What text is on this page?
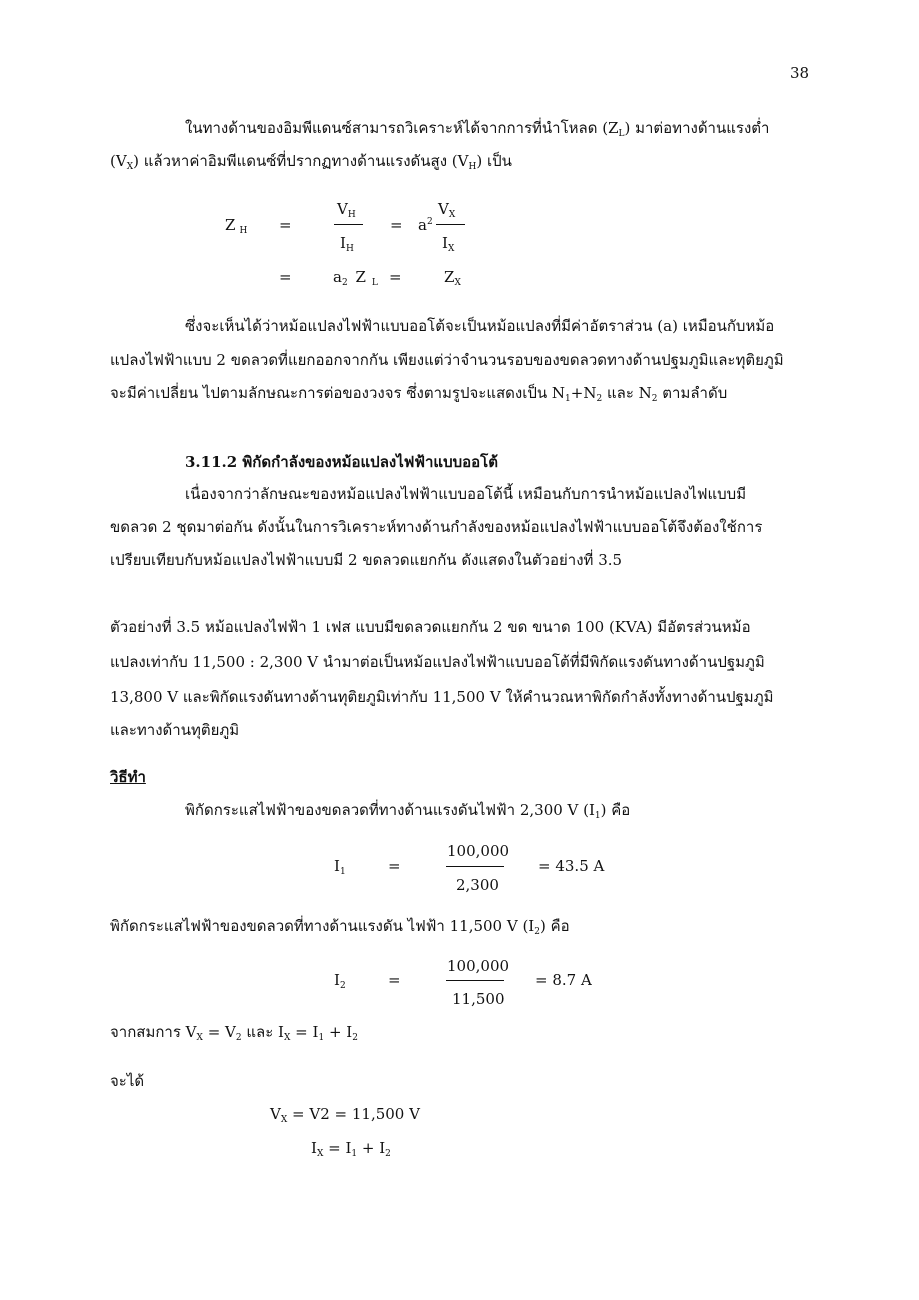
38
ในทางด้านของอิมพีแดนซ์สามารถวิเคราะห์ได้จากการที่นำโหลด $(Z_L)$ มาต่อทางด้านแรงต่ำ
$(V_X)$ แล้วหาค่าอิมพีแดนซ์ที่ปรากฏทางด้านแรงดันสูง $(V_H)$ เป็น
Z $_H$ =
$V_H$
$I_H$
= $a^2$
$V_X$
$I_X$
=	$a_2$ Z $_L$ =	$Z_X$
ซึ่งจะเห็นได้ว่าหม้อแปลงไฟฟ้าแบบออโต้จะเป็นหม้อแปลงที่มีค่าอัตราส่วน (a) เหมือนกับหม้อ
แปลงไฟฟ้าแบบ 2 ขดลวดที่แยกออกจากกัน เพียงแต่ว่าจำนวนรอบของขดลวดทางด้านปฐมภูมิและทุติยภูมิ
จะมีค่าเปลี่ยน ไปตามลักษณะการต่อของวงจร ซึ่งตามรูปจะแสดงเป็น $N_1+N_2$ และ $N_2$ ตามลำดับ
3.11.2 พิกัดกำลังของหม้อแปลงไฟฟ้าแบบออโต้
เนื่องจากว่าลักษณะของหม้อแปลงไฟฟ้าแบบออโต้นี้ เหมือนกับการนำหม้อแปลงไฟแบบมี
ขดลวด 2 ชุดมาต่อกัน ดังนั้นในการวิเคราะห์ทางด้านกำลังของหม้อแปลงไฟฟ้าแบบออโต้จึงต้องใช้การ
เปรียบเทียบกับหม้อแปลงไฟฟ้าแบบมี 2 ขดลวดแยกกัน ดังแสดงในตัวอย่างที่ 3.5
ตัวอย่างที่ 3.5 หม้อแปลงไฟฟ้า 1 เฟส แบบมีขดลวดแยกกัน 2 ขด ขนาด 100 (KVA) มีอัตรส่วนหม้อ
แปลงเท่ากับ 11,500 : 2,300 V นำมาต่อเป็นหม้อแปลงไฟฟ้าแบบออโต้ที่มีพิกัดแรงดันทางด้านปฐมภูมิ
13,800 V และพิกัดแรงดันทางด้านทุติยภูมิเท่ากับ 11,500 V ให้คำนวณหาพิกัดกำลังทั้งทางด้านปฐมภูมิ
และทางด้านทุติยภูมิ
วิธีทำ
พิกัดกระแสไฟฟ้าของขดลวดที่ทางด้านแรงดันไฟฟ้า 2,300 V $(I_1)$ คือ
$I_1$	=
100,000
2,300
= 43.5 A
พิกัดกระแสไฟฟ้าของขดลวดที่ทางด้านแรงดัน ไฟฟ้า 11,500 V $(I_2)$ คือ
$I_2$	=
100,000
11,500
= 8.7 A
จากสมการ $V_X = V_2$ และ $I_X = I_1 + I_2$
จะได้
$V_X = V2 = 11,500$ V
$I_X = I_1 + I_2$
